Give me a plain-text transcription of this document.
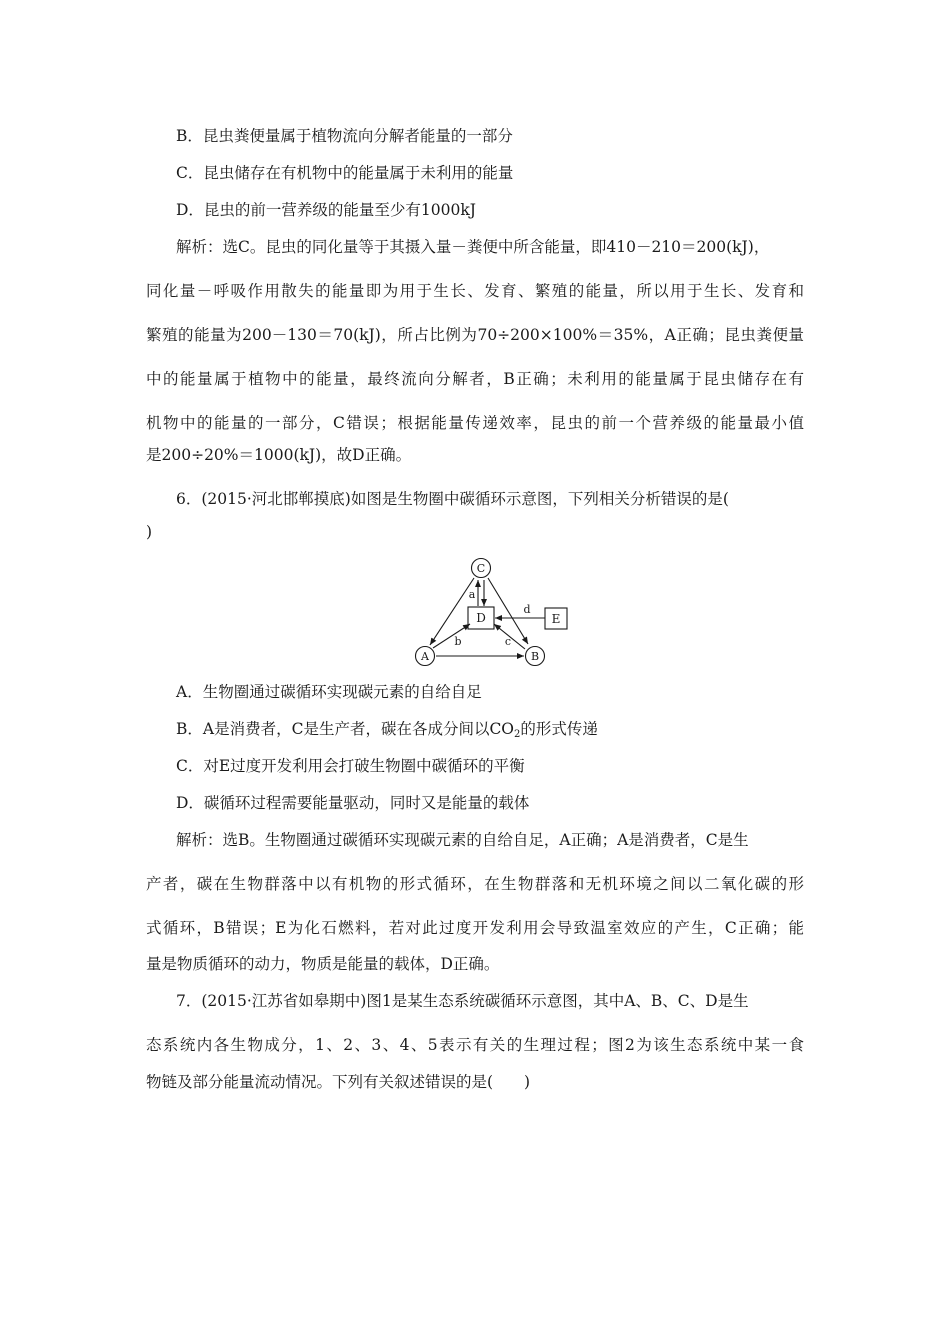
B．昆虫粪便量属于植物流向分解者能量的一部分
C．昆虫储存在有机物中的能量属于未利用的能量
D．昆虫的前一营养级的能量至少有1000kJ
解析：选C。昆虫的同化量等于其摄入量－粪便中所含能量，即410－210＝200(kJ)，
同化量－呼吸作用散失的能量即为用于生长、发育、繁殖的能量，所以用于生长、发育和
繁殖的能量为200－130＝70(kJ)，所占比例为70÷200×100%＝35%，A正确；昆虫粪便量
中的能量属于植物中的能量，最终流向分解者，B正确；未利用的能量属于昆虫储存在有
机物中的能量的一部分，C错误；根据能量传递效率，昆虫的前一个营养级的能量最小值
是200÷20%＝1000(kJ)，故D正确。
6．(2015·河北邯郸摸底)如图是生物圈中碳循环示意图，下列相关分析错误的是(
)
C
A	B
D	E
a
b	c
d
A．生物圈通过碳循环实现碳元素的自给自足
B．A是消费者，C是生产者，碳在各成分间以$CO_2$的形式传递
C．对E过度开发利用会打破生物圈中碳循环的平衡
D．碳循环过程需要能量驱动，同时又是能量的载体
解析：选B。生物圈通过碳循环实现碳元素的自给自足，A正确；A是消费者，C是生
产者，碳在生物群落中以有机物的形式循环，在生物群落和无机环境之间以二氧化碳的形
式循环，B错误；E为化石燃料，若对此过度开发利用会导致温室效应的产生，C正确；能
量是物质循环的动力，物质是能量的载体，D正确。
7．(2015·江苏省如皋期中)图1是某生态系统碳循环示意图，其中A、B、C、D是生
态系统内各生物成分，1、2、3、4、5表示有关的生理过程；图2为该生态系统中某一食
物链及部分能量流动情况。下列有关叙述错误的是(　　)
